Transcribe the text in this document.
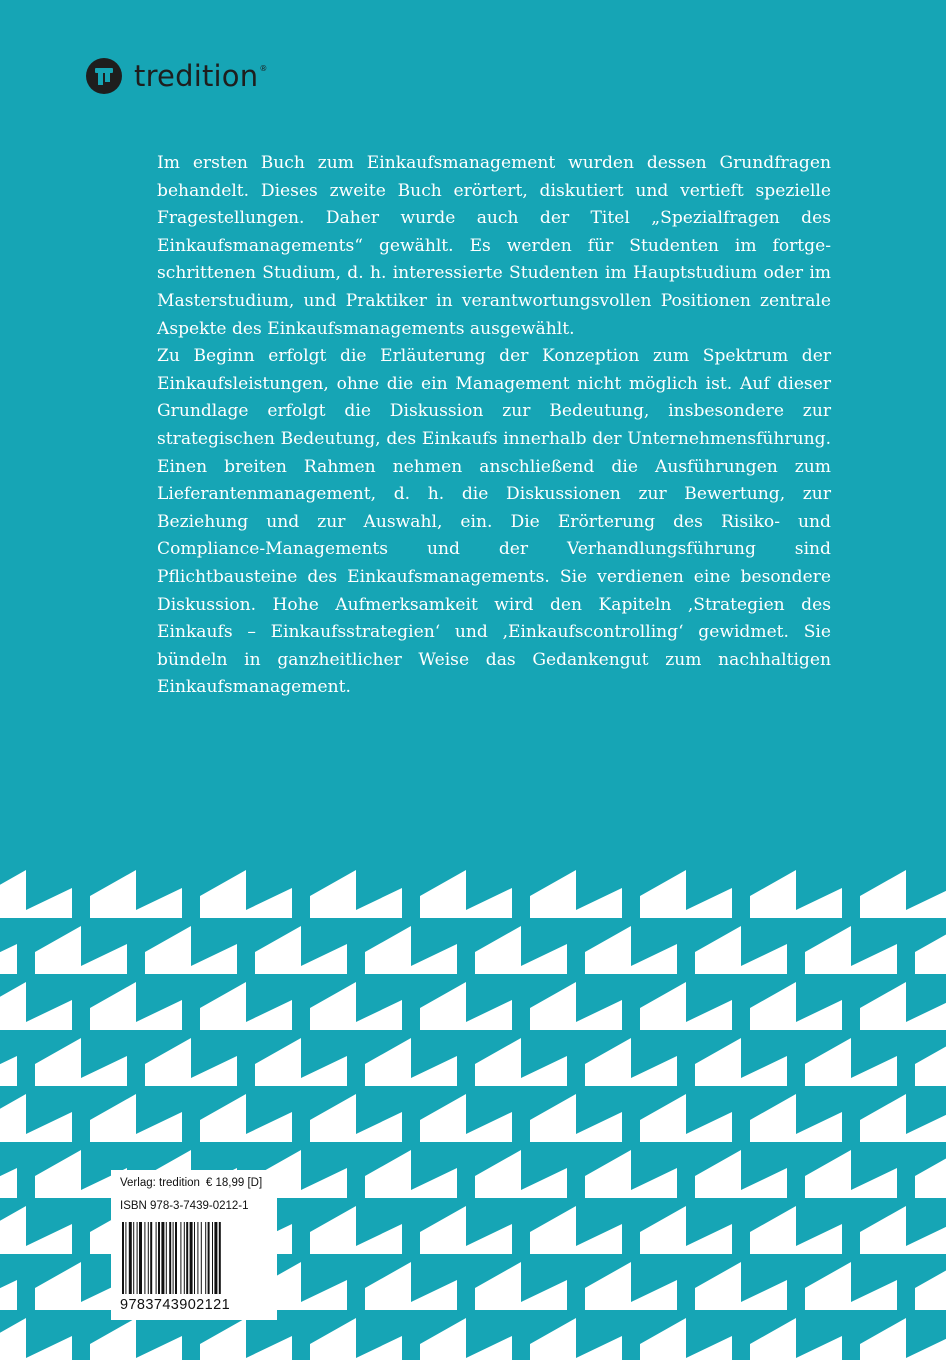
tredition ®

Im ersten Buch zum Einkaufsmanagement wurden dessen Grundfragen behandelt. Dieses zweite Buch erörtert, diskutiert und vertieft spezielle Fragestellungen. Daher wurde auch der Titel „Spezialfragen des Einkaufsmanagements“ gewählt. Es werden für Studenten im fortgeschrittenen Studium, d. h. interessierte Studenten im Hauptstudium oder im Masterstudium, und Praktiker in verantwortungsvollen Positionen zentrale Aspekte des Einkaufsmanagements ausgewählt.

Zu Beginn erfolgt die Erläuterung der Konzeption zum Spektrum der Einkaufsleistungen, ohne die ein Management nicht möglich ist. Auf dieser Grundlage erfolgt die Diskussion zur Bedeutung, insbesondere zur strategischen Bedeutung, des Einkaufs innerhalb der Unternehmensführung. Einen breiten Rahmen nehmen anschließend die Ausführungen zum Lieferantenmanagement, d. h. die Diskussionen zur Bewertung, zur Beziehung und zur Auswahl, ein. Die Erörterung des Risiko- und Compliance-Managements und der Verhandlungsführung sind Pflichtbausteine des Einkaufsmanagements. Sie verdienen eine besondere Diskussion. Hohe Aufmerksamkeit wird den Kapiteln ‚Strategien des Einkaufs – Einkaufsstrategien‘ und ‚Einkaufscontrolling‘ gewidmet. Sie bündeln in ganzheitlicher Weise das Gedankengut zum nachhaltigen Einkaufsmanagement.

Verlag: tredition € 18,99 [D]
ISBN 978-3-7439-0212-1
9783743902121
